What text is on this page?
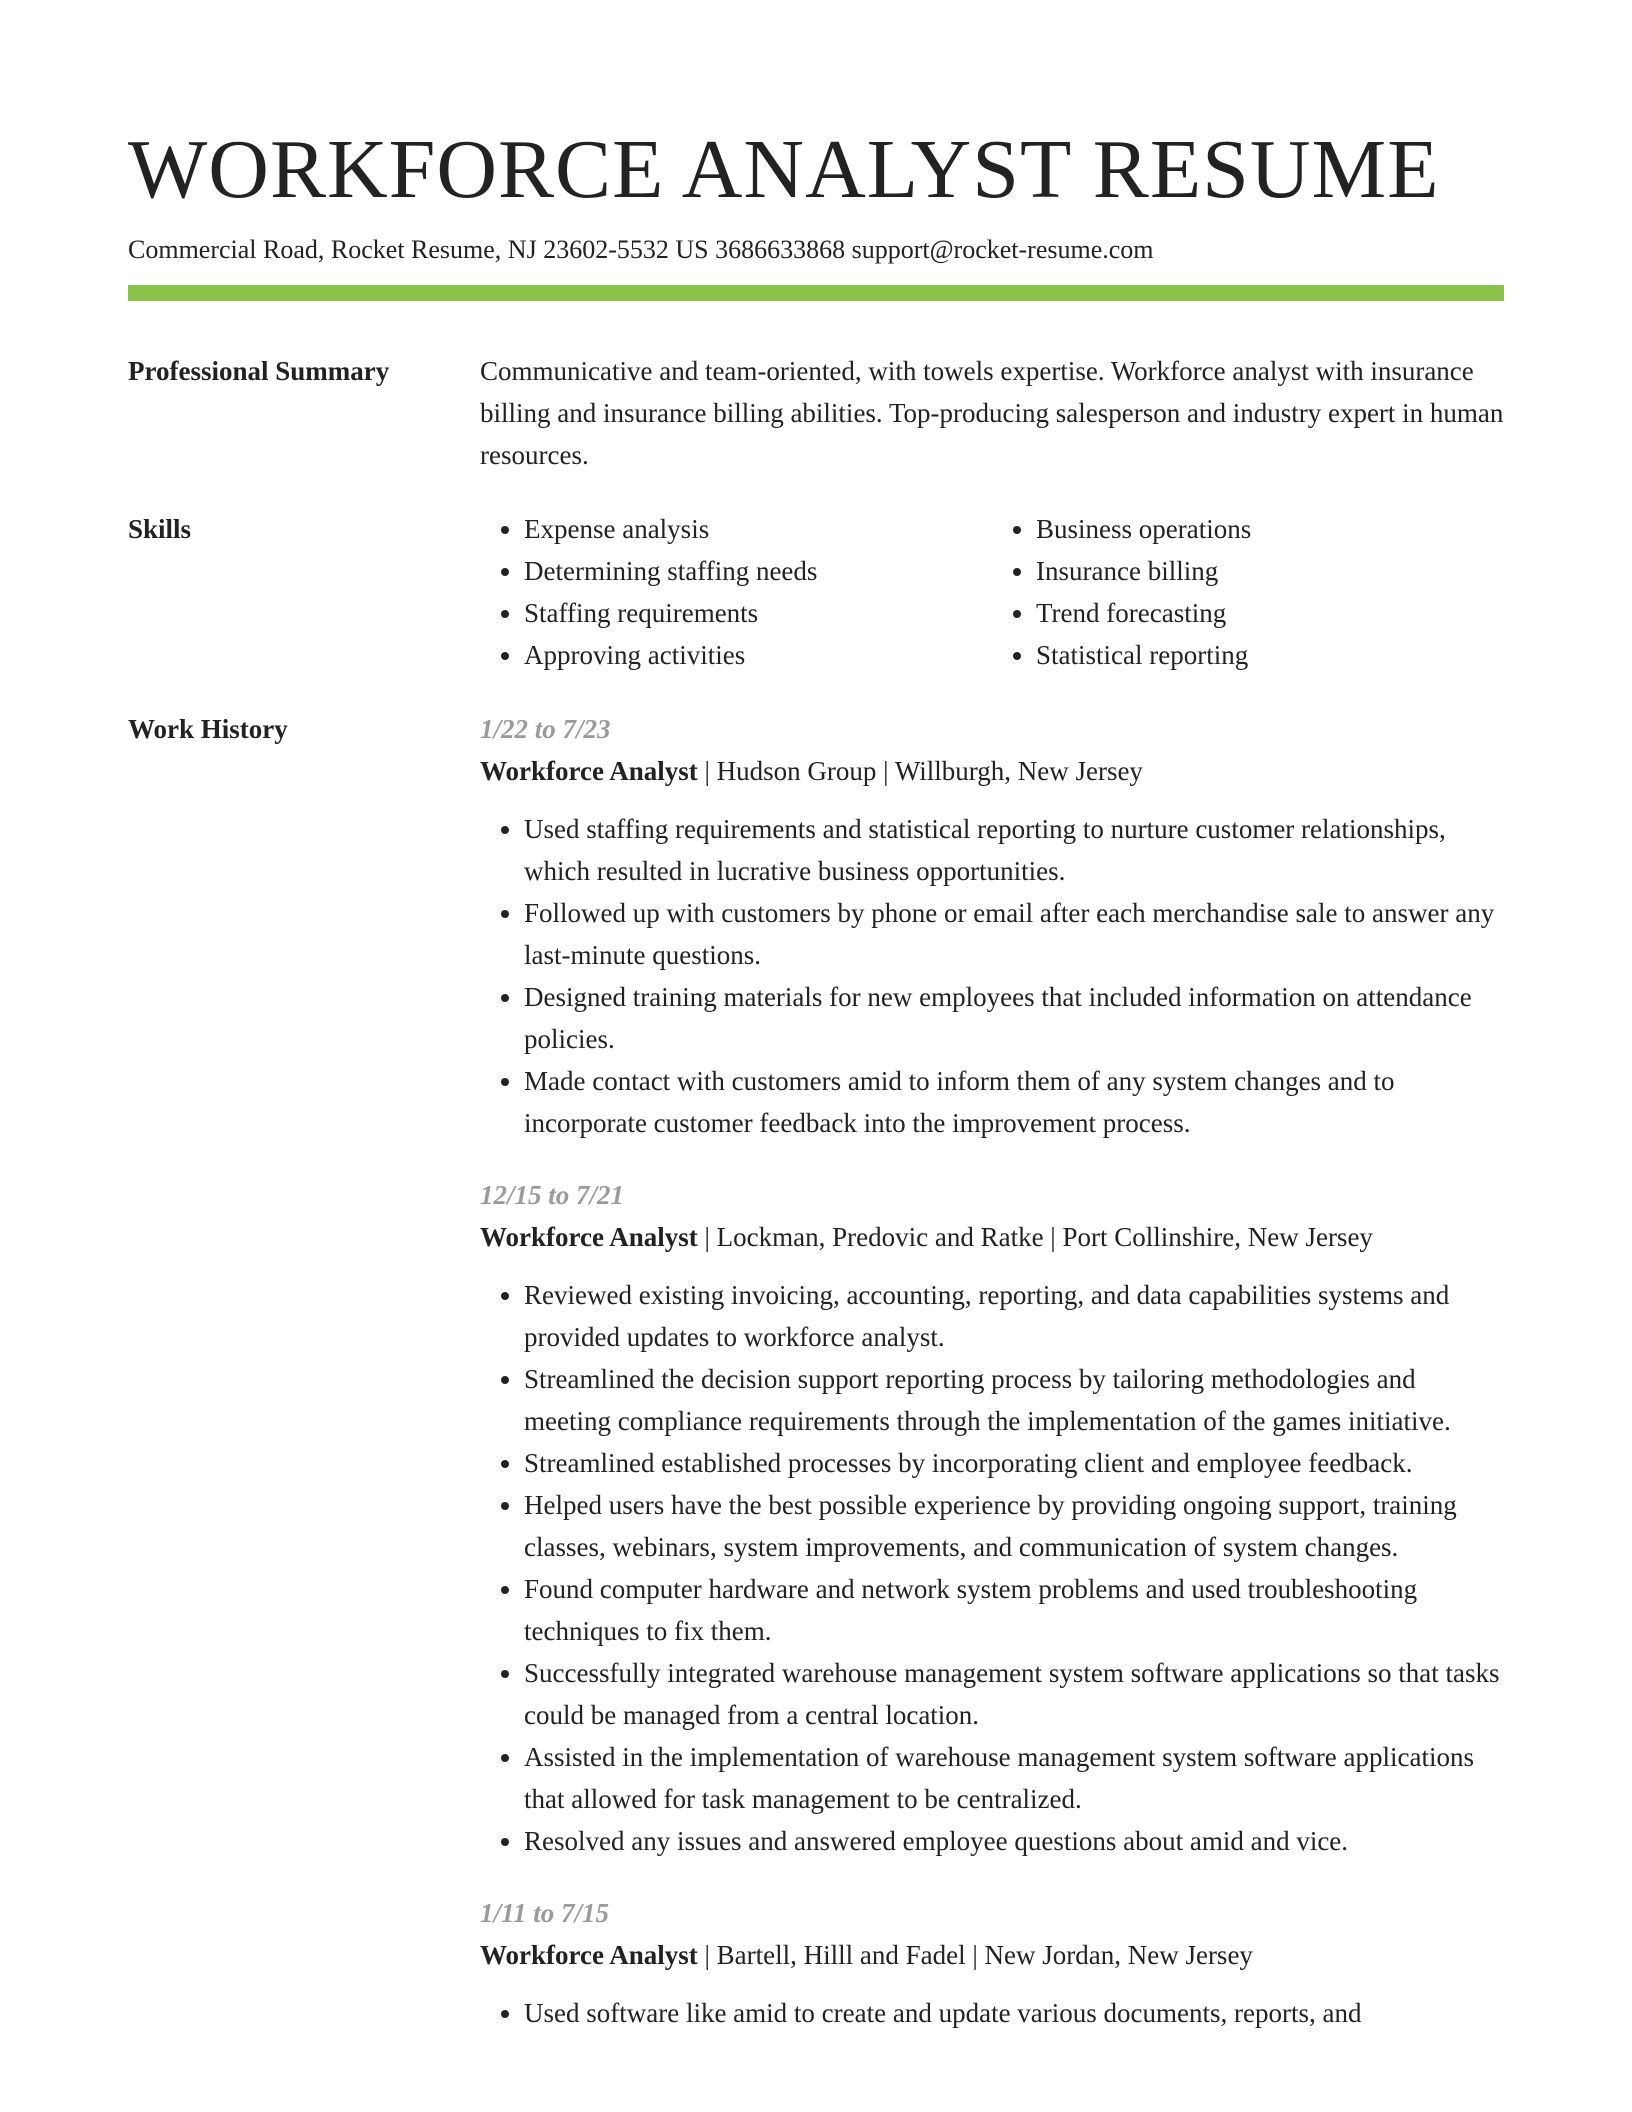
WORKFORCE ANALYST RESUME
Commercial Road, Rocket Resume, NJ 23602-5532 US 3686633868 support@rocket-resume.com
Professional Summary	Communicative and team-oriented, with towels expertise. Workforce analyst with insurance billing and insurance billing abilities. Top-producing salesperson and industry expert in human resources.

Skills
•	Expense analysis
• Determining staffing needs
• Staffing requirements
• Approving activities
• Business operations
• Insurance billing
• Trend forecasting
• Statistical reporting
Work History	1/22 to 7/23

Workforce Analyst | Hudson Group | Willburgh, New Jersey

• Used staffing requirements and statistical reporting to nurture customer relationships, which resulted in lucrative business opportunities.
• Followed up with customers by phone or email after each merchandise sale to answer any last-minute questions.
• Designed training materials for new employees that included information on attendance policies.
• Made contact with customers amid to inform them of any system changes and to incorporate customer feedback into the improvement process.

12/15 to 7/21

Workforce Analyst | Lockman, Predovic and Ratke | Port Collinshire, New Jersey

• Reviewed existing invoicing, accounting, reporting, and data capabilities systems and provided updates to workforce analyst.
• Streamlined the decision support reporting process by tailoring methodologies and meeting compliance requirements through the implementation of the games initiative.
• Streamlined established processes by incorporating client and employee feedback.
• Helped users have the best possible experience by providing ongoing support, training classes, webinars, system improvements, and communication of system changes.
• Found computer hardware and network system problems and used troubleshooting techniques to fix them.
• Successfully integrated warehouse management system software applications so that tasks could be managed from a central location.
• Assisted in the implementation of warehouse management system software applications that allowed for task management to be centralized.
• Resolved any issues and answered employee questions about amid and vice.

1/11 to 7/15

Workforce Analyst | Bartell, Hilll and Fadel | New Jordan, New Jersey

• Used software like amid to create and update various documents, reports, and
